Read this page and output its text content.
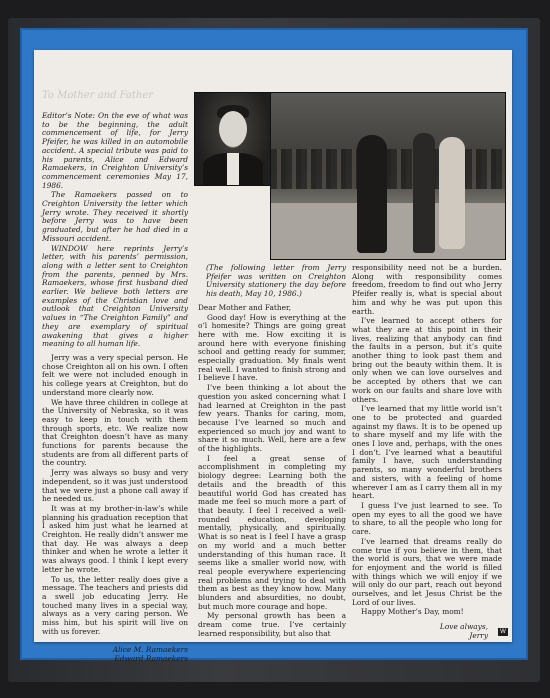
To Mother and Father

Editor’s Note: On the eve of what was to be the beginning, the adult commencement of life, for Jerry Pfeifer, he was killed in an automobile accident. A special tribute was paid to his parents, Alice and Edward Ramaekers, in Creighton University’s commencement ceremonies May 17, 1986.

The Ramaekers passed on to Creighton University the letter which Jerry wrote. They received it shortly before Jerry was to have been graduated, but after he had died in a Missouri accident.

WINDOW here reprints Jerry’s letter, with his parents’ permission, along with a letter sent to Creighton from the parents, penned by Mrs. Ramaekers, whose first husband died earlier. We believe both letters are examples of the Christian love and outlook that Creighton University values in “The Creighton Family” and they are exemplary of spiritual awakening that gives a higher meaning to all human life.

Jerry was a very special person. He chose Creighton all on his own. I often felt we were not included enough in his college years at Creighton, but do understand more clearly now.

We have three children in college at the University of Nebraska, so it was easy to keep in touch with them through sports, etc. We realize now that Creighton doesn’t have as many functions for parents because the students are from all different parts of the country.

Jerry was always so busy and very independent, so it was just understood that we were just a phone call away if he needed us.

It was at my brother-in-law’s while planning his graduation reception that I asked him just what he learned at Creighton. He really didn’t answer me that day. He was always a deep thinker and when he wrote a letter it was always good. I think I kept every letter he wrote.

To us, the letter really does give a message. The teachers and priests did a swell job educating Jerry. He touched many lives in a special way, always as a very caring person. We miss him, but his spirit will live on with us forever.

Alice M. Ramaekers
Edward Ramaekers

(The following letter from Jerry Pfeifer was written on Creighton University stationery the day before his death, May 10, 1986.)

Dear Mother and Father,

Good day! How is everything at the o’l homesite? Things are going great here with me. How exciting it is around here with everyone finishing school and getting ready for summer, especially graduation. My finals went real well. I wanted to finish strong and I believe I have.

I’ve been thinking a lot about the question you asked concerning what I had learned at Creighton in the past few years. Thanks for caring, mom, because I’ve learned so much and experienced so much joy and want to share it so much. Well, here are a few of the highlights.

I feel a great sense of accomplishment in completing my biology degree: Learning both the details and the breadth of this beautiful world God has created has made me feel so much more a part of that beauty. I feel I received a well-rounded education, developing mentally, physically, and spiritually. What is so neat is I feel I have a grasp on my world and a much better understanding of this human race. It seems like a smaller world now, with real people everywhere experiencing real problems and trying to deal with them as best as they know how. Many blunders and absurdities, no doubt, but much more courage and hope.

My personal growth has been a dream come true. I’ve certainly learned responsibility, but also that

responsibility need not be a burden. Along with responsibility comes freedom, freedom to find out who Jerry Pfeifer really is, what is special about him and why he was put upon this earth.

I’ve learned to accept others for what they are at this point in their lives, realizing that anybody can find the faults in a person, but it’s quite another thing to look past them and bring out the beauty within them. It is only when we can love ourselves and be accepted by others that we can work on our faults and share love with others.

I’ve learned that my little world isn’t one to be protected and guarded against my flaws. It is to be opened up to share myself and my life with the ones I love and, perhaps, with the ones I don’t. I’ve learned what a beautiful family I have, such understanding parents, so many wonderful brothers and sisters, with a feeling of home wherever I am as I carry them all in my heart.

I guess I’ve just learned to see. To open my eyes to all the good we have to share, to all the people who long for care.

I’ve learned that dreams really do come true if you believe in them, that the world is ours, that we were made for enjoyment and the world is filled with things which we will enjoy if we will only do our part, reach out beyond ourselves, and let Jesus Christ be the Lord of our lives.

Happy Mother’s Day, mom!

Love always,
Jerry	W
